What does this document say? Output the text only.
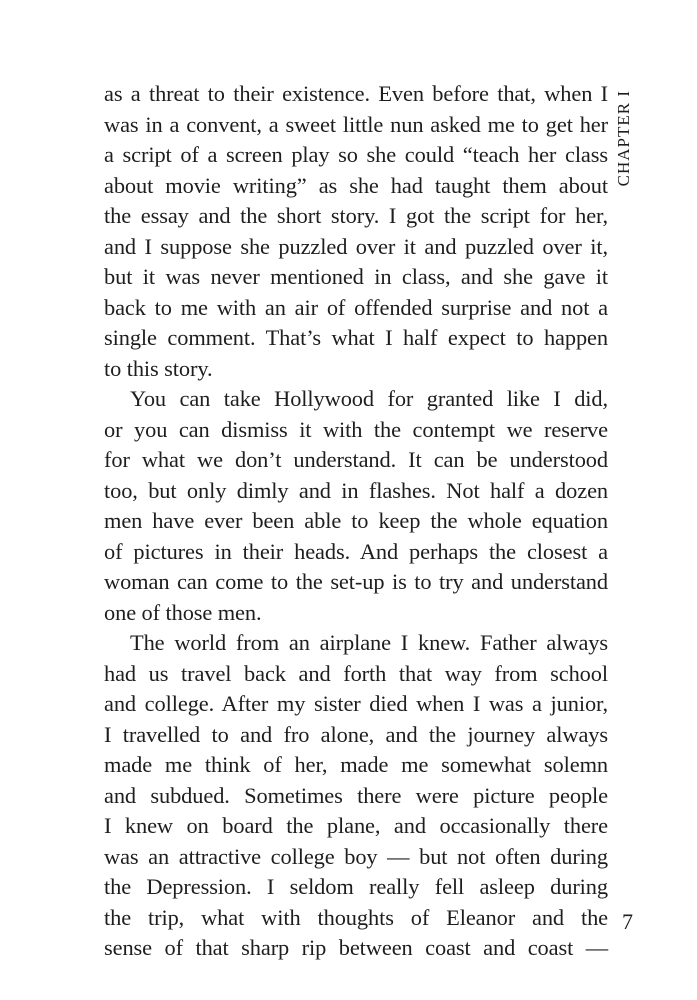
CHAPTER I
as a threat to their existence. Even before that, when I
was in a convent, a sweet little nun asked me to get her
a script of a screen play so she could “teach her class
about movie writing” as she had taught them about
the essay and the short story. I got the script for her,
and I suppose she puzzled over it and puzzled over it,
but it was never mentioned in class, and she gave it
back to me with an air of offended surprise and not a
single comment. That’s what I half expect to happen
to this story.
You can take Hollywood for granted like I did,
or you can dismiss it with the contempt we reserve
for what we don’t understand. It can be understood
too, but only dimly and in flashes. Not half a dozen
men have ever been able to keep the whole equation
of pictures in their heads. And perhaps the closest a
woman can come to the set-up is to try and understand
one of those men.
The world from an airplane I knew. Father always
had us travel back and forth that way from school
and college. After my sister died when I was a junior,
I travelled to and fro alone, and the journey always
made me think of her, made me somewhat solemn
and subdued. Sometimes there were picture people
I knew on board the plane, and occasionally there
was an attractive college boy — but not often during
the Depression. I seldom really fell asleep during
the trip, what with thoughts of Eleanor and the
sense of that sharp rip between coast and coast —
7
